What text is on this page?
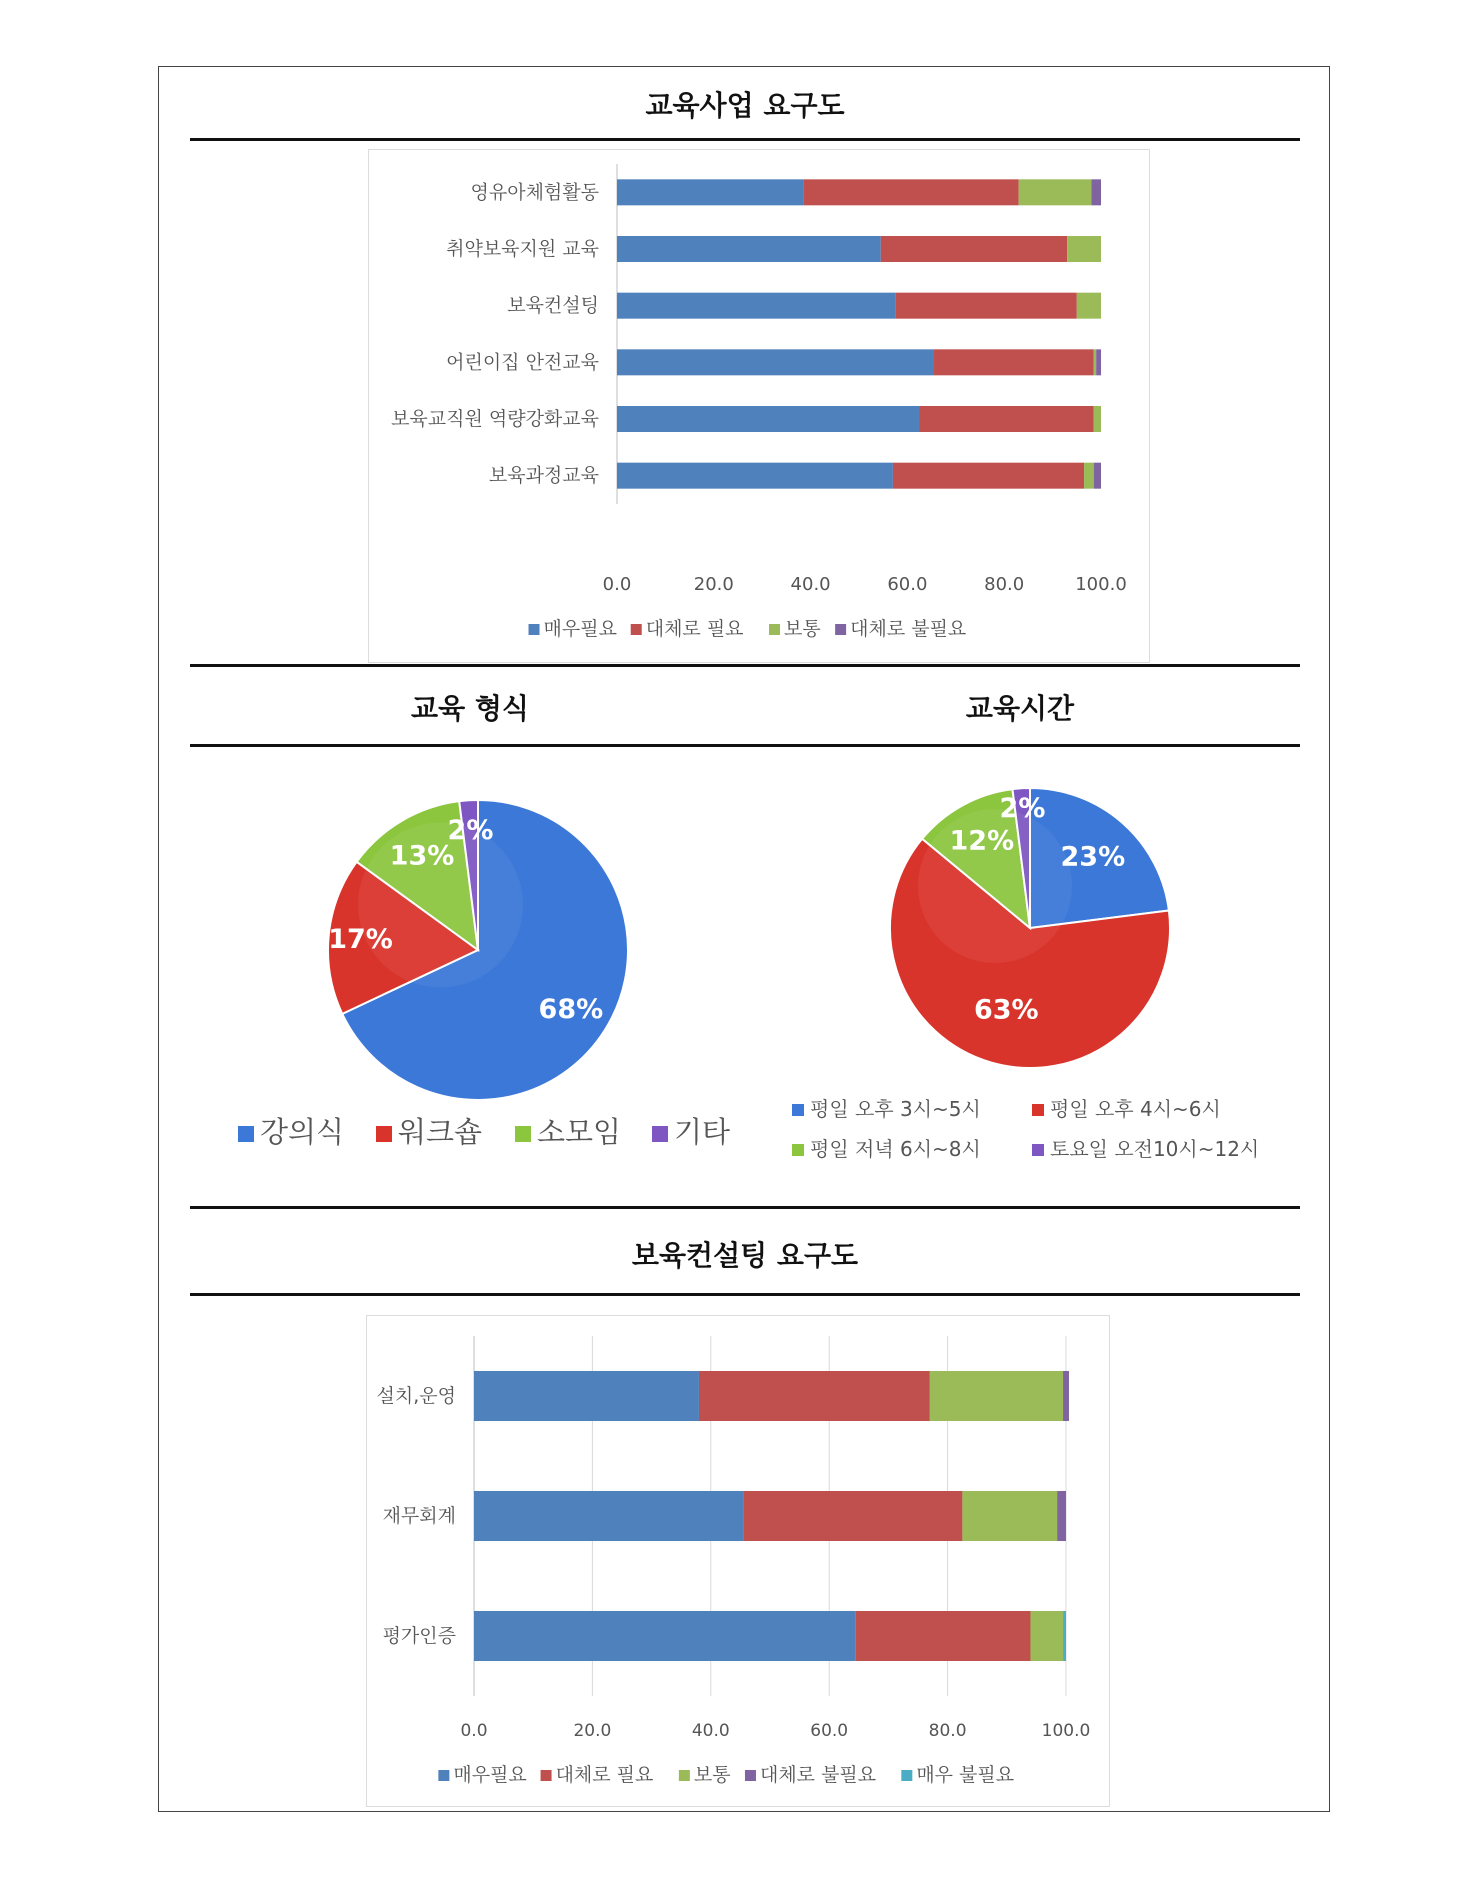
교육사업 요구도
영유아체험활동
취약보육지원 교육
보육컨설팅
어린이집 안전교육
보육교직원 역량강화교육
보육과정교육
0.0	20.0	40.0	60.0	80.0	100.0
매우필요 대체로 필요 보통 대체로 불필요
교육 형식	교육시간
68%
17%
13%
2%
강의식 워크숍 소모임 기타
23%
63%
12%
2%
평일 오후 3시~5시	평일 오후 4시~6시
평일 저녁 6시~8시	토요일 오전10시~12시
보육컨설팅 요구도
설치,운영
재무회계
평가인증
0.0	20.0	40.0	60.0	80.0	100.0
매우필요 대체로 필요 보통 대체로 불필요 매우 불필요
